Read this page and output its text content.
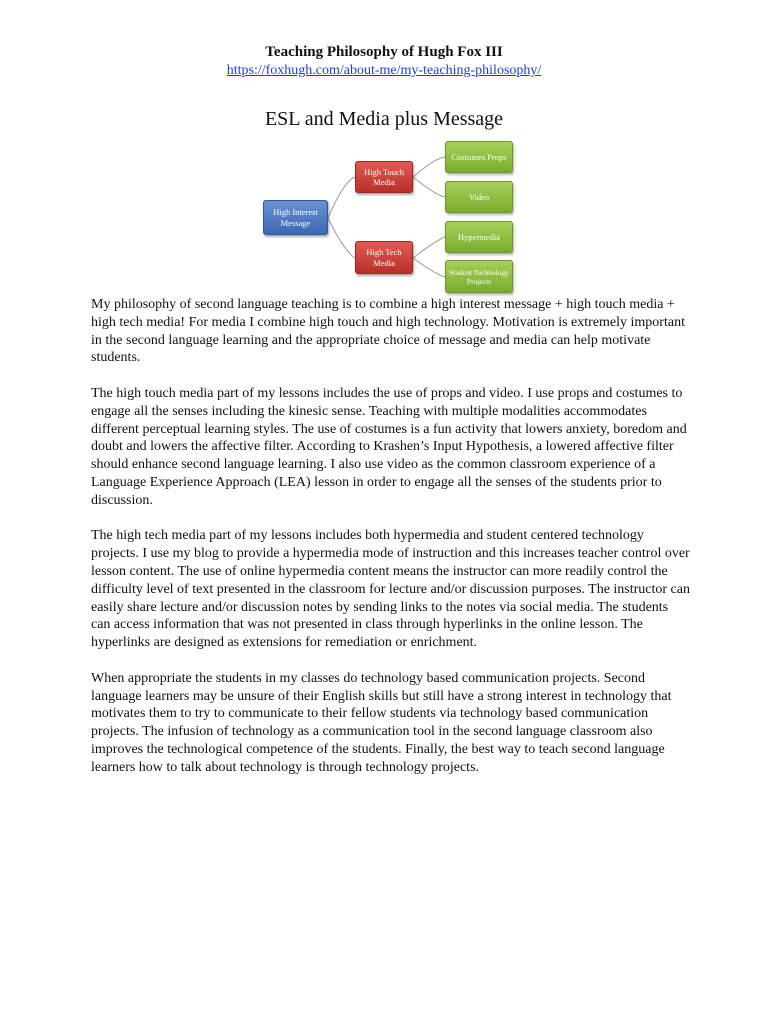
Teaching Philosophy of Hugh Fox III
https://foxhugh.com/about-me/my-teaching-philosophy/
ESL and Media plus Message
High Interest Message
High Touch Media
High Tech Media
Costumes Props
Video
Hypermedia
Student Technology Projects

My philosophy of second language teaching is to combine a high interest message + high touch media + high tech media! For media I combine high touch and high technology. Motivation is extremely important in the second language learning and the appropriate choice of message and media can help motivate students.

The high touch media part of my lessons includes the use of props and video. I use props and costumes to engage all the senses including the kinesic sense. Teaching with multiple modalities accommodates different perceptual learning styles. The use of costumes is a fun activity that lowers anxiety, boredom and doubt and lowers the affective filter. According to Krashen’s Input Hypothesis, a lowered affective filter should enhance second language learning. I also use video as the common classroom experience of a Language Experience Approach (LEA) lesson in order to engage all the senses of the students prior to discussion.

The high tech media part of my lessons includes both hypermedia and student centered technology projects. I use my blog to provide a hypermedia mode of instruction and this increases teacher control over lesson content. The use of online hypermedia content means the instructor can more readily control the difficulty level of text presented in the classroom for lecture and/or discussion purposes. The instructor can easily share lecture and/or discussion notes by sending links to the notes via social media. The students can access information that was not presented in class through hyperlinks in the online lesson. The hyperlinks are designed as extensions for remediation or enrichment.

When appropriate the students in my classes do technology based communication projects. Second language learners may be unsure of their English skills but still have a strong interest in technology that motivates them to try to communicate to their fellow students via technology based communication projects. The infusion of technology as a communication tool in the second language classroom also improves the technological competence of the students. Finally, the best way to teach second language learners how to talk about technology is through technology projects.
